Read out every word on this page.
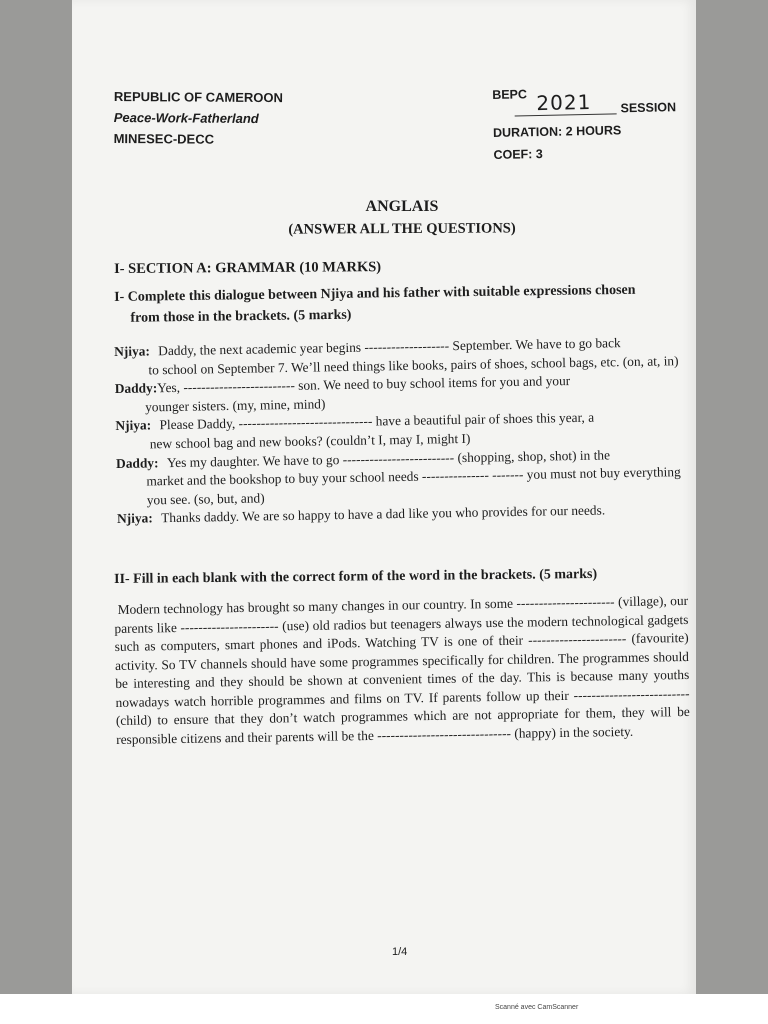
REPUBLIC OF CAMEROON
Peace-Work-Fatherland
MINESEC-DECC
BEPC 2021 SESSION
DURATION: 2 HOURS
COEF: 3
ANGLAIS
(ANSWER ALL THE QUESTIONS)
I- SECTION A: GRAMMAR (10 MARKS)
I- Complete this dialogue between Njiya and his father with suitable expressions chosen
from those in the brackets. (5 marks)
Njiya: Daddy, the next academic year begins ------------------- September. We have to go back
to school on September 7. We’ll need things like books, pairs of shoes, school bags, etc. (on, at, in)
Daddy:Yes, ------------------------- son. We need to buy school items for you and your
younger sisters. (my, mine, mind)
Njiya: Please Daddy, ------------------------------ have a beautiful pair of shoes this year, a
new school bag and new books? (couldn’t I, may I, might I)
Daddy: Yes my daughter. We have to go ------------------------- (shopping, shop, shot) in the
market and the bookshop to buy your school needs --------------- ------- you must not buy everything you see. (so, but, and)
Njiya: Thanks daddy. We are so happy to have a dad like you who provides for our needs.
II- Fill in each blank with the correct form of the word in the brackets. (5 marks)
Modern technology has brought so many changes in our country. In some ---------------------- (village), our parents like ---------------------- (use) old radios but teenagers always use the modern technological gadgets such as computers, smart phones and iPods. Watching TV is one of their ---------------------- (favourite) activity. So TV channels should have some programmes specifically for children. The programmes should be interesting and they should be shown at convenient times of the day. This is because many youths nowadays watch horrible programmes and films on TV. If parents follow up their -------------------------- (child) to ensure that they don’t watch programmes which are not appropriate for them, they will be responsible citizens and their parents will be the ------------------------------ (happy) in the society.
1/4
Scanné avec CamScanner
